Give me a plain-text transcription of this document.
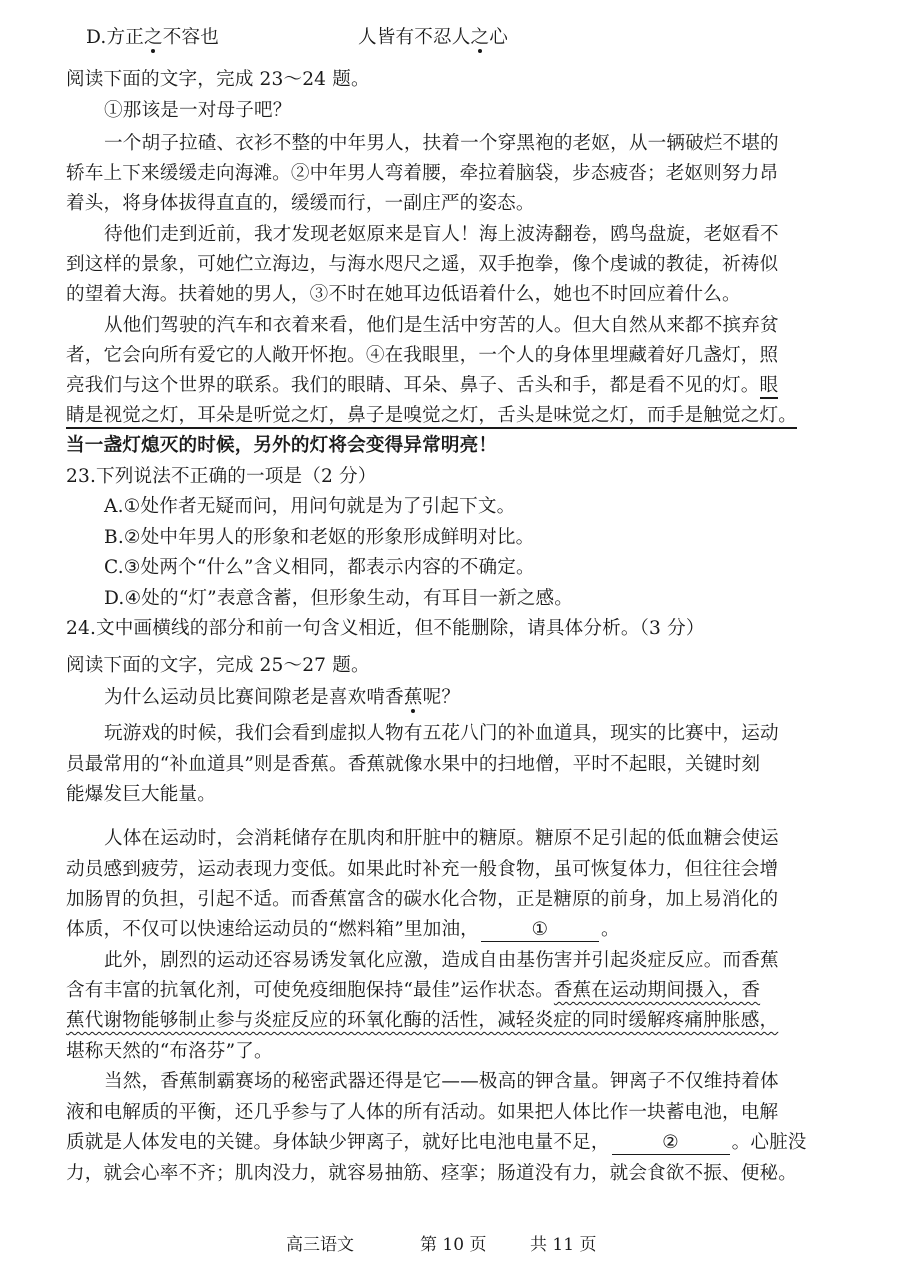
D.方正之不容也	人皆有不忍人之心
阅读下面的文字，完成 23～24 题。
①那该是一对母子吧？
一个胡子拉碴、衣衫不整的中年男人，扶着一个穿黑袍的老妪，从一辆破烂不堪的
轿车上下来缓缓走向海滩。②中年男人弯着腰，牵拉着脑袋，步态疲沓；老妪则努力昂
着头，将身体拔得直直的，缓缓而行，一副庄严的姿态。
待他们走到近前，我才发现老妪原来是盲人！海上波涛翻卷，鸥鸟盘旋，老妪看不
到这样的景象，可她伫立海边，与海水咫尺之遥，双手抱拳，像个虔诚的教徒，祈祷似
的望着大海。扶着她的男人，③不时在她耳边低语着什么，她也不时回应着什么。
从他们驾驶的汽车和衣着来看，他们是生活中穷苦的人。但大自然从来都不摈弃贫
者，它会向所有爱它的人敞开怀抱。④在我眼里，一个人的身体里埋藏着好几盏灯，照
亮我们与这个世界的联系。我们的眼睛、耳朵、鼻子、舌头和手，都是看不见的灯。眼
睛是视觉之灯，耳朵是听觉之灯，鼻子是嗅觉之灯，舌头是味觉之灯，而手是触觉之灯。
当一盏灯熄灭的时候，另外的灯将会变得异常明亮！
23.下列说法不正确的一项是（2 分）
A.①处作者无疑而问，用问句就是为了引起下文。
B.②处中年男人的形象和老妪的形象形成鲜明对比。
C.③处两个“什么”含义相同，都表示内容的不确定。
D.④处的“灯”表意含蓄，但形象生动，有耳目一新之感。
24.文中画横线的部分和前一句含义相近，但不能删除，请具体分析。（3 分）
阅读下面的文字，完成 25～27 题。
为什么运动员比赛间隙老是喜欢啃香蕉呢？
玩游戏的时候，我们会看到虚拟人物有五花八门的补血道具，现实的比赛中，运动
员最常用的“补血道具”则是香蕉。香蕉就像水果中的扫地僧，平时不起眼，关键时刻
能爆发巨大能量。
人体在运动时，会消耗储存在肌肉和肝脏中的糖原。糖原不足引起的低血糖会使运
动员感到疲劳，运动表现力变低。如果此时补充一般食物，虽可恢复体力，但往往会增
加肠胃的负担，引起不适。而香蕉富含的碳水化合物，正是糖原的前身，加上易消化的
体质，不仅可以快速给运动员的“燃料箱”里加油，	①	。
此外，剧烈的运动还容易诱发氧化应激，造成自由基伤害并引起炎症反应。而香蕉
含有丰富的抗氧化剂，可使免疫细胞保持“最佳”运作状态。香蕉在运动期间摄入，香
蕉代谢物能够制止参与炎症反应的环氧化酶的活性，减轻炎症的同时缓解疼痛肿胀感，
堪称天然的“布洛芬”了。
当然，香蕉制霸赛场的秘密武器还得是它——极高的钾含量。钾离子不仅维持着体
液和电解质的平衡，还几乎参与了人体的所有活动。如果把人体比作一块蓄电池，电解
质就是人体发电的关键。身体缺少钾离子，就好比电池电量不足，	②	。心脏没
力，就会心率不齐；肌肉没力，就容易抽筋、痉挛；肠道没有力，就会食欲不振、便秘。
高三语文	第 10 页	共 11 页
